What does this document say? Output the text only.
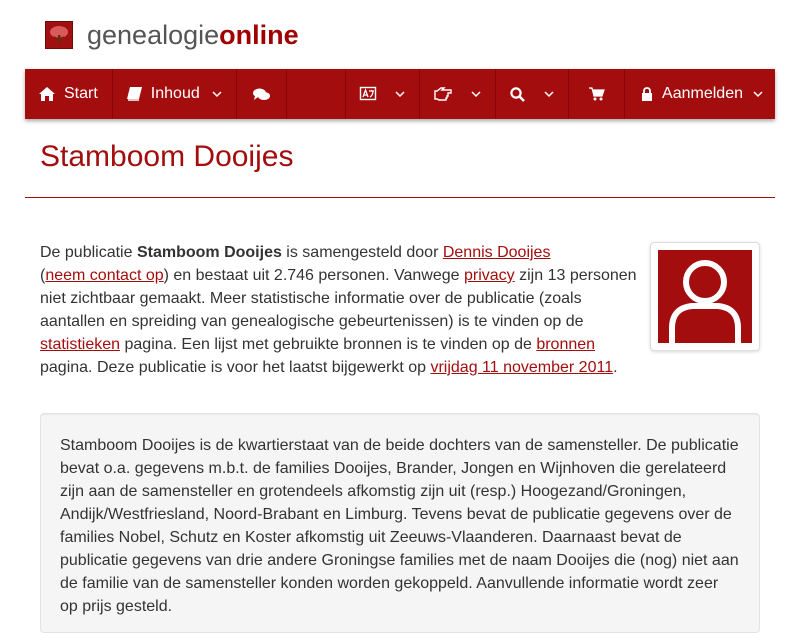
genealogieonline
Start	Inhoud	Aanmelden
Stamboom Dooijes

De publicatie Stamboom Dooijes is samengesteld door Dennis Dooijes
(neem contact op) en bestaat uit 2.746 personen. Vanwege privacy zijn 13 personen niet zichtbaar gemaakt. Meer statistische informatie over de publicatie (zoals aantallen en spreiding van genealogische gebeurtenissen) is te vinden op de statistieken pagina. Een lijst met gebruikte bronnen is te vinden op de bronnen pagina. Deze publicatie is voor het laatst bijgewerkt op vrijdag 11 november 2011.

Stamboom Dooijes is de kwartierstaat van de beide dochters van de samensteller. De publicatie bevat o.a. gegevens m.b.t. de families Dooijes, Brander, Jongen en Wijnhoven die gerelateerd zijn aan de samensteller en grotendeels afkomstig zijn uit (resp.) Hoogezand/Groningen, Andijk/Westfriesland, Noord-Brabant en Limburg. Tevens bevat de publicatie gegevens over de families Nobel, Schutz en Koster afkomstig uit Zeeuws-Vlaanderen. Daarnaast bevat de publicatie gegevens van drie andere Groningse families met de naam Dooijes die (nog) niet aan de familie van de samensteller konden worden gekoppeld. Aanvullende informatie wordt zeer op prijs gesteld.
